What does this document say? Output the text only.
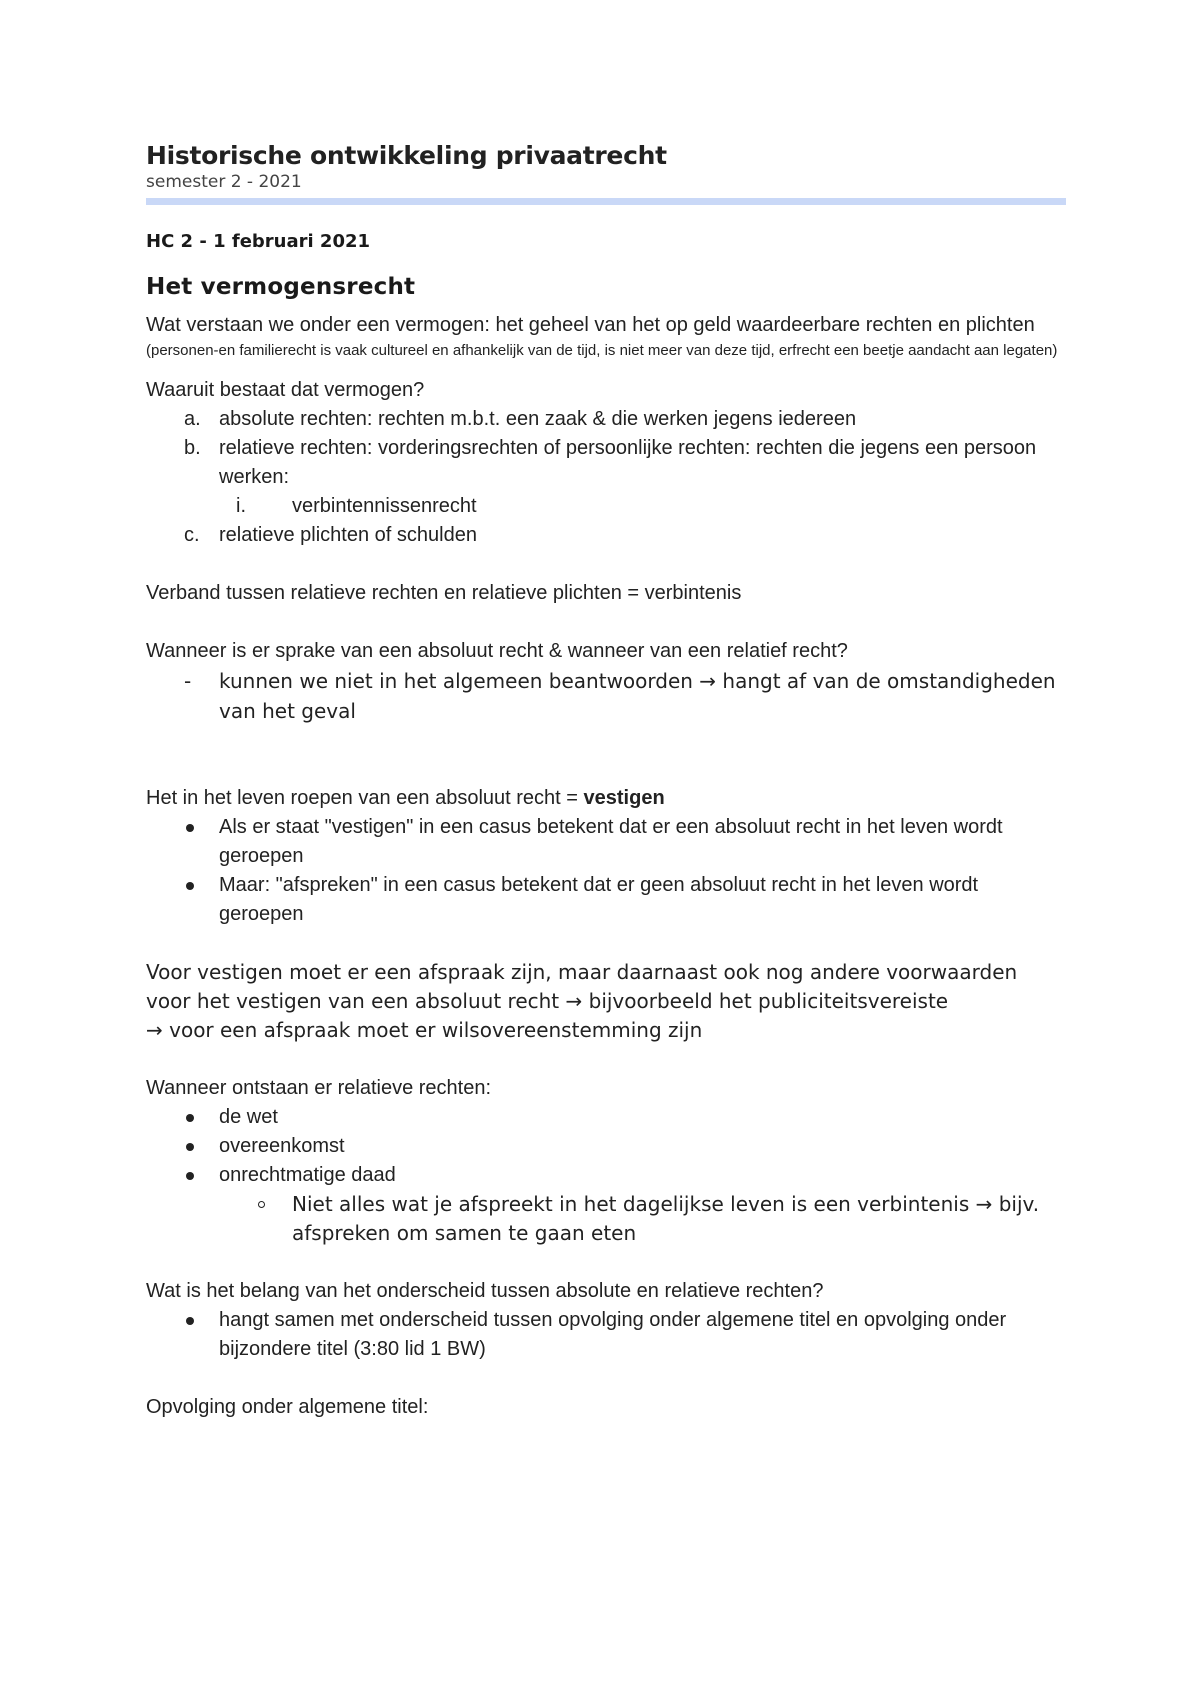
Historische ontwikkeling privaatrecht

semester 2 - 2021

HC 2 - 1 februari 2021
Het vermogensrecht

Wat verstaan we onder een vermogen: het geheel van het op geld waardeerbare rechten en plichten

(personen-en familierecht is vaak cultureel en afhankelijk van de tijd, is niet meer van deze tijd, erfrecht een beetje aandacht aan legaten)

Waaruit bestaat dat vermogen?

a. absolute rechten: rechten m.b.t. een zaak & die werken jegens iedereen
b. relatieve rechten: vorderingsrechten of persoonlijke rechten: rechten die jegens een persoon werken:
i. verbintennissenrecht
c. relatieve plichten of schulden

Verband tussen relatieve rechten en relatieve plichten = verbintenis

Wanneer is er sprake van een absoluut recht & wanneer van een relatief recht?

- kunnen we niet in het algemeen beantwoorden → hangt af van de omstandigheden van het geval

Het in het leven roepen van een absoluut recht = vestigen

Als er staat "vestigen" in een casus betekent dat er een absoluut recht in het leven wordt geroepen
Maar: "afspreken" in een casus betekent dat er geen absoluut recht in het leven wordt geroepen

Voor vestigen moet er een afspraak zijn, maar daarnaast ook nog andere voorwaarden voor het vestigen van een absoluut recht → bijvoorbeeld het publiciteitsvereiste

→ voor een afspraak moet er wilsovereenstemming zijn

Wanneer ontstaan er relatieve rechten:

de wet
overeenkomst
onrechtmatige daad
Niet alles wat je afspreekt in het dagelijkse leven is een verbintenis → bijv. afspreken om samen te gaan eten

Wat is het belang van het onderscheid tussen absolute en relatieve rechten?

hangt samen met onderscheid tussen opvolging onder algemene titel en opvolging onder bijzondere titel (3:80 lid 1 BW)

Opvolging onder algemene titel:
